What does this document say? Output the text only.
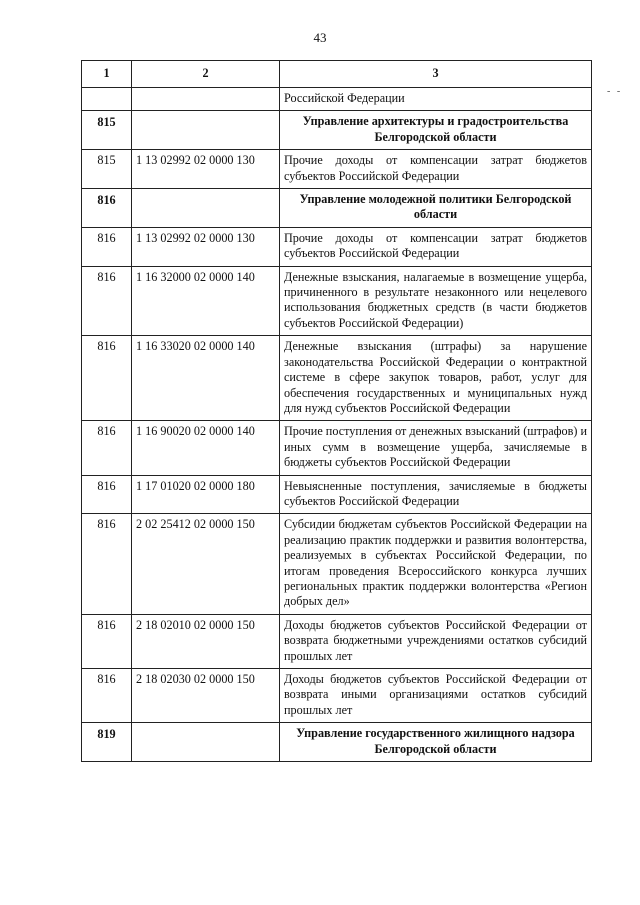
43
- -
1	2	3
		Российской Федерации
815		Управление архитектуры и градостроительства Белгородской области
815	1 13 02992 02 0000 130	Прочие доходы от компенсации затрат бюджетов субъектов Российской Федерации
816		Управление молодежной политики Белгородской области
816	1 13 02992 02 0000 130	Прочие доходы от компенсации затрат бюджетов субъектов Российской Федерации
816	1 16 32000 02 0000 140	Денежные взыскания, налагаемые в возмещение ущерба, причиненного в результате незаконного или нецелевого использования бюджетных средств (в части бюджетов субъектов Российской Федерации)
816	1 16 33020 02 0000 140	Денежные взыскания (штрафы) за нарушение законодательства Российской Федерации о контрактной системе в сфере закупок товаров, работ, услуг для обеспечения государственных и муниципальных нужд для нужд субъектов Российской Федерации
816	1 16 90020 02 0000 140	Прочие поступления от денежных взысканий (штрафов) и иных сумм в возмещение ущерба, зачисляемые в бюджеты субъектов Российской Федерации
816	1 17 01020 02 0000 180	Невыясненные поступления, зачисляемые в бюджеты субъектов Российской Федерации
816	2 02 25412 02 0000 150	Субсидии бюджетам субъектов Российской Федерации на реализацию практик поддержки и развития волонтерства, реализуемых в субъектах Российской Федерации, по итогам проведения Всероссийского конкурса лучших региональных практик поддержки волонтерства «Регион добрых дел»
816	2 18 02010 02 0000 150	Доходы бюджетов субъектов Российской Федерации от возврата бюджетными учреждениями остатков субсидий прошлых лет
816	2 18 02030 02 0000 150	Доходы бюджетов субъектов Российской Федерации от возврата иными организациями остатков субсидий прошлых лет
819		Управление государственного жилищного надзора Белгородской области
